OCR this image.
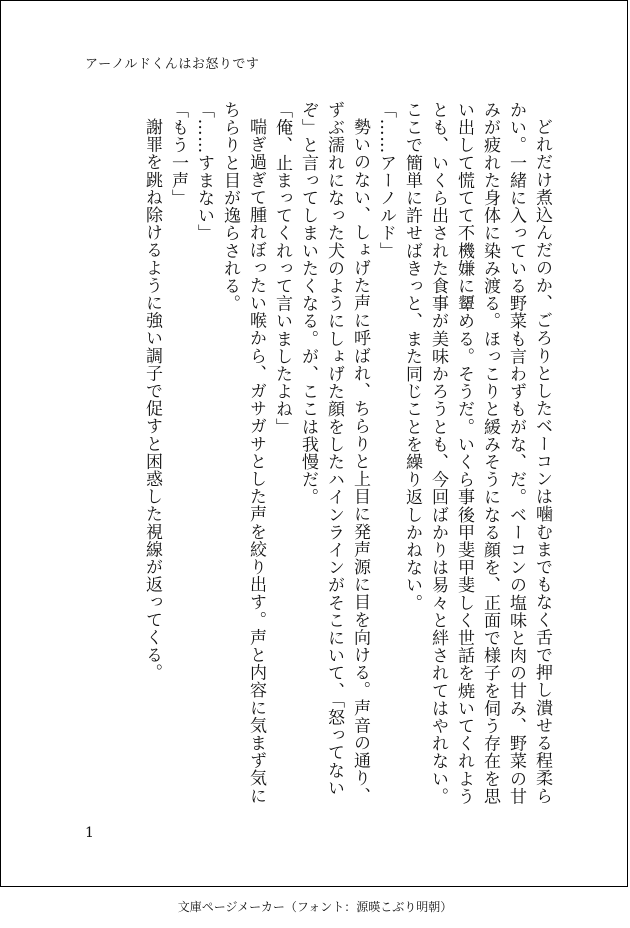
アーノルドくんはお怒りです

どれだけ煮込んだのか、ごろりとしたベーコンは噛むまでもなく舌で押し潰せる程柔らかい。一緒に入っている野菜も言わずもがな、だ。ベーコンの塩味と肉の甘み、野菜の甘みが疲れた身体に染み渡る。ほっこりと緩みそうになる顔を、正面で様子を伺う存在を思い出して慌てて不機嫌に顰める。そうだ。いくら事後甲斐甲斐しく世話を焼いてくれようとも、いくら出された食事が美味かろうとも、今回ばかりは易々と絆されてはやれない。ここで簡単に許せばきっと、また同じことを繰り返しかねない。

「……アーノルド」

勢いのない、しょげた声に呼ばれ、ちらりと上目に発声源に目を向ける。声音の通り、ずぶ濡れになった犬のようにしょげた顔をしたハインラインがそこにいて、「怒ってないぞ」と言ってしまいたくなる。が、ここは我慢だ。

「俺、止まってくれって言いましたよね」

喘ぎ過ぎて腫れぼったい喉から、ガサガサとした声を絞り出す。声と内容に気まず気にちらりと目が逸らされる。

「……すまない」

「もう一声」

謝罪を跳ね除けるように強い調子で促すと困惑した視線が返ってくる。

1
文庫ページメーカー（フォント：源暎こぶり明朝）
